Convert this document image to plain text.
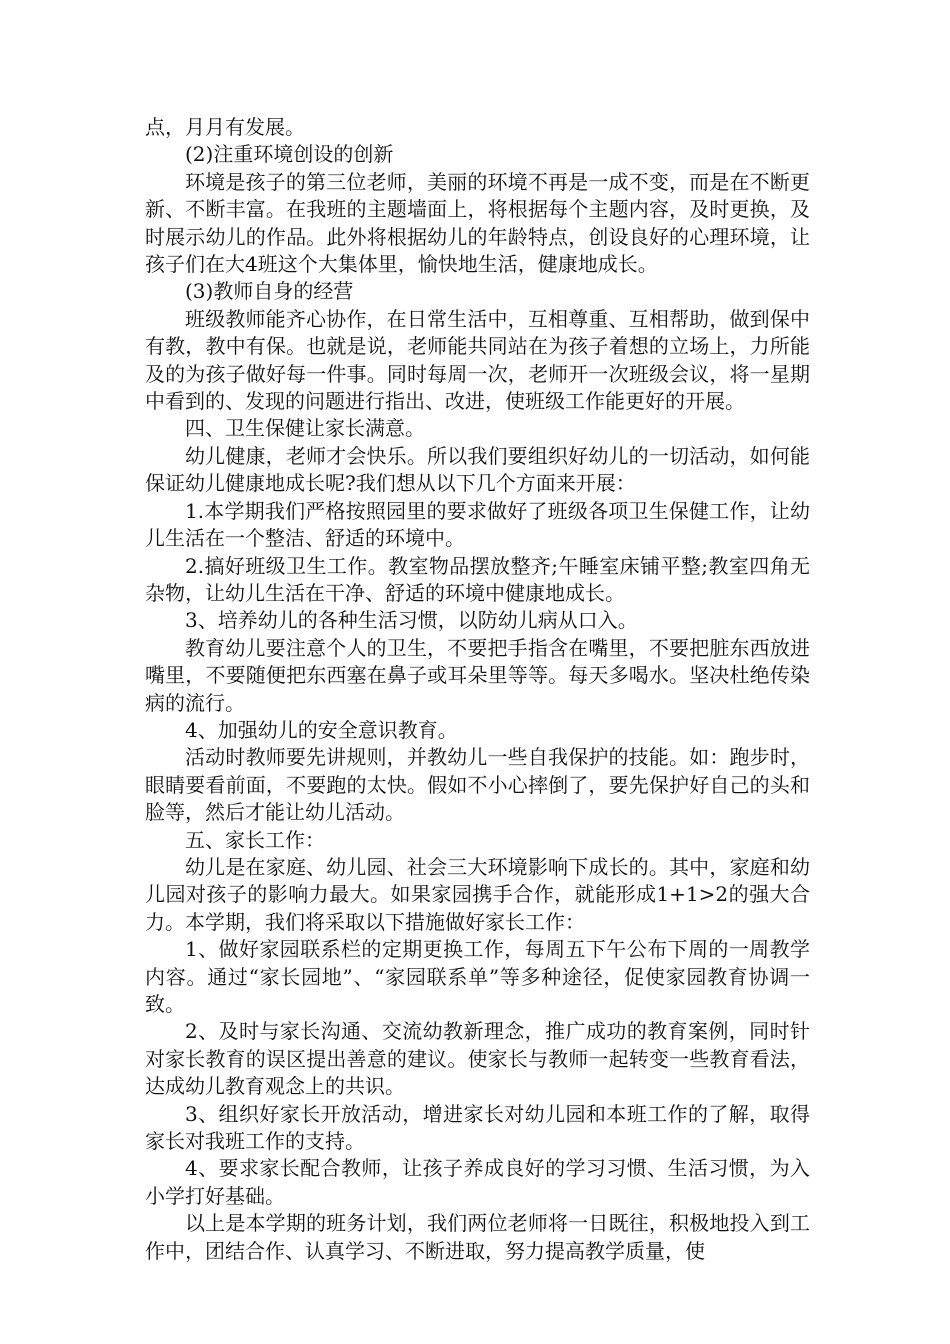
点，月月有发展。

(2)注重环境创设的创新

环境是孩子的第三位老师，美丽的环境不再是一成不变，而是在不断更新、不断丰富。在我班的主题墙面上，将根据每个主题内容，及时更换，及时展示幼儿的作品。此外将根据幼儿的年龄特点，创设良好的心理环境，让孩子们在大4班这个大集体里，愉快地生活，健康地成长。

(3)教师自身的经营

班级教师能齐心协作，在日常生活中，互相尊重、互相帮助，做到保中有教，教中有保。也就是说，老师能共同站在为孩子着想的立场上，力所能及的为孩子做好每一件事。同时每周一次，老师开一次班级会议，将一星期中看到的、发现的问题进行指出、改进，使班级工作能更好的开展。

四、卫生保健让家长满意。

幼儿健康，老师才会快乐。所以我们要组织好幼儿的一切活动，如何能保证幼儿健康地成长呢?我们想从以下几个方面来开展：

1.本学期我们严格按照园里的要求做好了班级各项卫生保健工作，让幼儿生活在一个整洁、舒适的环境中。

2.搞好班级卫生工作。教室物品摆放整齐;午睡室床铺平整;教室四角无杂物，让幼儿生活在干净、舒适的环境中健康地成长。

3、培养幼儿的各种生活习惯，以防幼儿病从口入。

教育幼儿要注意个人的卫生，不要把手指含在嘴里，不要把脏东西放进嘴里，不要随便把东西塞在鼻子或耳朵里等等。每天多喝水。坚决杜绝传染病的流行。

4、加强幼儿的安全意识教育。

活动时教师要先讲规则，并教幼儿一些自我保护的技能。如：跑步时，眼睛要看前面，不要跑的太快。假如不小心摔倒了，要先保护好自己的头和脸等，然后才能让幼儿活动。

五、家长工作：

幼儿是在家庭、幼儿园、社会三大环境影响下成长的。其中，家庭和幼儿园对孩子的影响力最大。如果家园携手合作，就能形成1+1>2的强大合力。本学期，我们将采取以下措施做好家长工作：

1、做好家园联系栏的定期更换工作，每周五下午公布下周的一周教学内容。通过“家长园地”、“家园联系单”等多种途径，促使家园教育协调一致。

2、及时与家长沟通、交流幼教新理念，推广成功的教育案例，同时针对家长教育的误区提出善意的建议。使家长与教师一起转变一些教育看法，达成幼儿教育观念上的共识。

3、组织好家长开放活动，增进家长对幼儿园和本班工作的了解，取得家长对我班工作的支持。

4、要求家长配合教师，让孩子养成良好的学习习惯、生活习惯，为入小学打好基础。

以上是本学期的班务计划，我们两位老师将一日既往，积极地投入到工作中，团结合作、认真学习、不断进取，努力提高教学质量，使
